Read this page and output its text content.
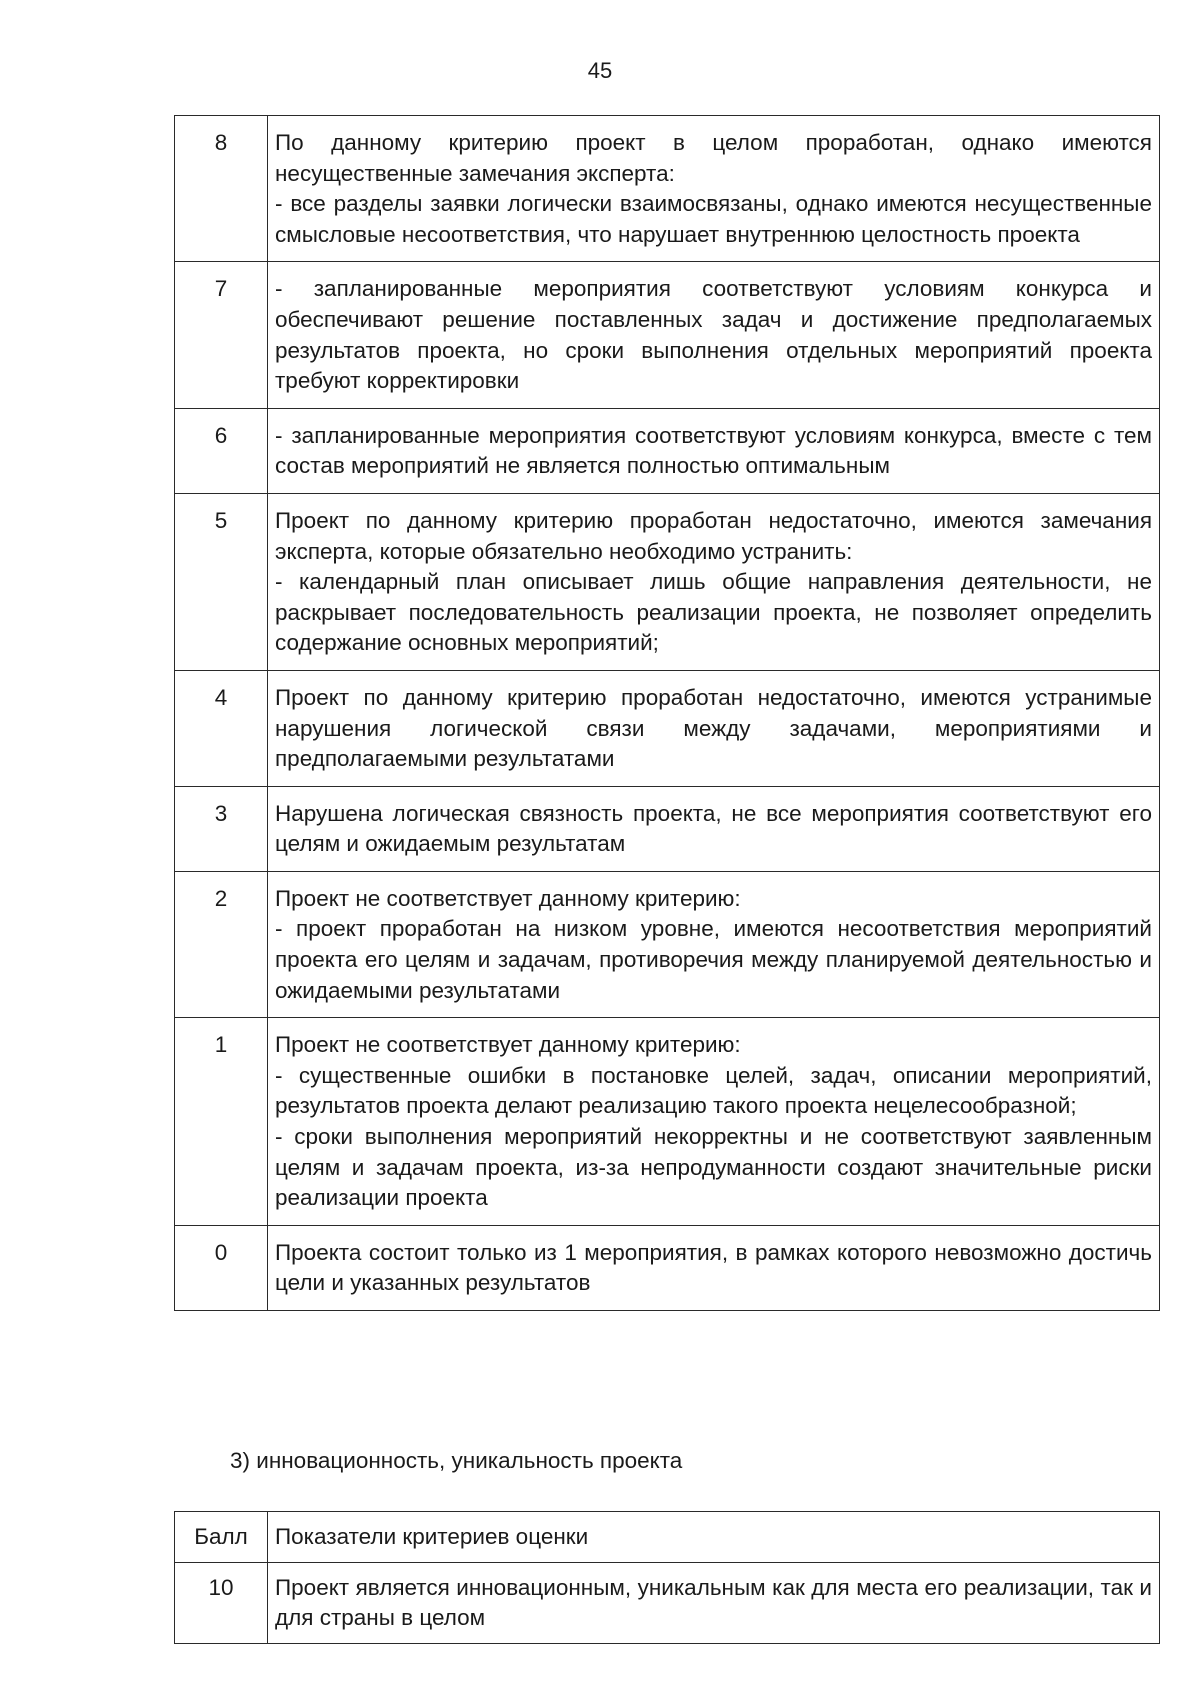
45
8	По данному критерию проект в целом проработан, однако имеются несущественные замечания эксперта:
- все разделы заявки логически взаимосвязаны, однако имеются несущественные смысловые несоответствия, что нарушает внутреннюю целостность проекта

7	- запланированные мероприятия соответствуют условиям конкурса и обеспечивают решение поставленных задач и достижение предполагаемых результатов проекта, но сроки выполнения отдельных мероприятий проекта требуют корректировки

6	- запланированные мероприятия соответствуют условиям конкурса, вместе с тем состав мероприятий не является полностью оптимальным

5	Проект по данному критерию проработан недостаточно, имеются замечания эксперта, которые обязательно необходимо устранить:
- календарный план описывает лишь общие направления деятельности, не раскрывает последовательность реализации проекта, не позволяет определить содержание основных мероприятий;

4	Проект по данному критерию проработан недостаточно, имеются устранимые нарушения логической связи между задачами, мероприятиями и предполагаемыми результатами

3	Нарушена логическая связность проекта, не все мероприятия соответствуют его целям и ожидаемым результатам

2	Проект не соответствует данному критерию:
- проект проработан на низком уровне, имеются несоответствия мероприятий проекта его целям и задачам, противоречия между планируемой деятельностью и ожидаемыми результатами

1	Проект не соответствует данному критерию:
- существенные ошибки в постановке целей, задач, описании мероприятий, результатов проекта делают реализацию такого проекта нецелесообразной;
- сроки выполнения мероприятий некорректны и не соответствуют заявленным целям и задачам проекта, из-за непродуманности создают значительные риски реализации проекта

0	Проекта состоит только из 1 мероприятия, в рамках которого невозможно достичь цели и указанных результатов
3) инновационность, уникальность проекта
Балл	Показатели критериев оценки
10	Проект является инновационным, уникальным как для места его реализации, так и для страны в целом
